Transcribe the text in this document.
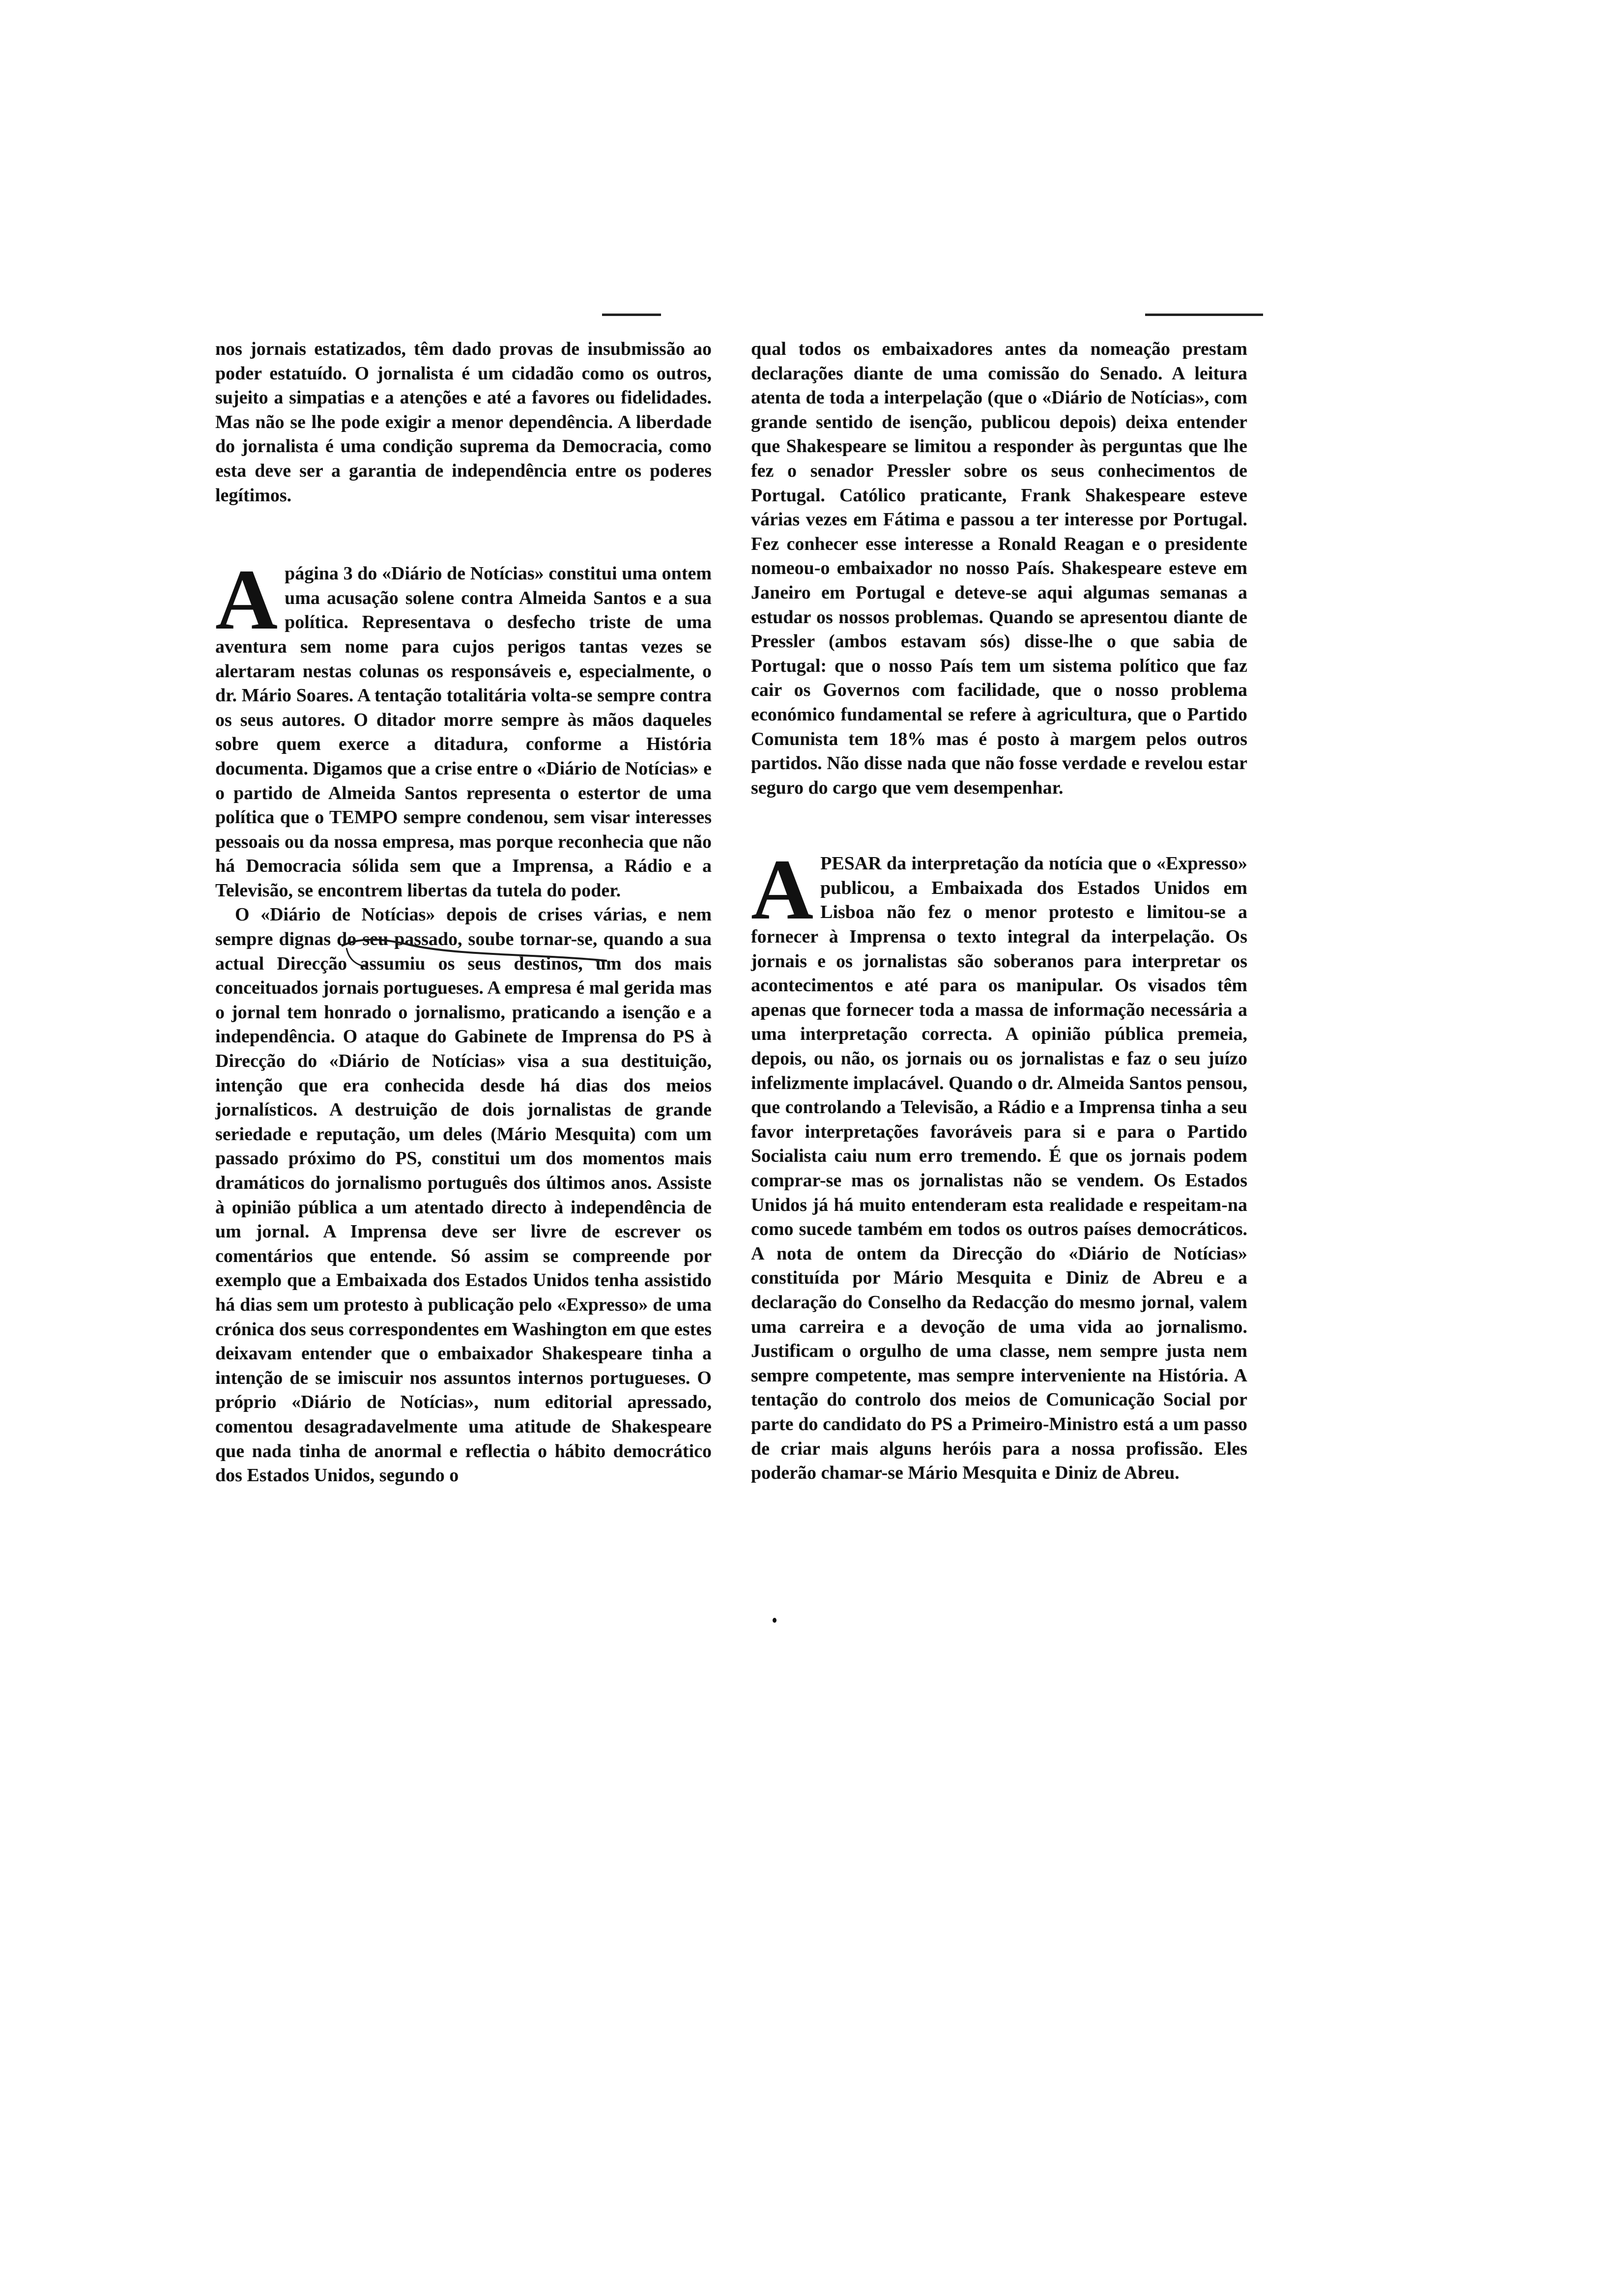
nos jornais estatizados, têm dado provas de insubmissão ao poder estatuído. O jornalista é um cidadão como os outros, sujeito a simpatias e a atenções e até a favores ou fidelidades. Mas não se lhe pode exigir a menor dependência. A liberdade do jornalista é uma condição suprema da Democracia, como esta deve ser a garantia de independência entre os poderes legítimos.

A página 3 do «Diário de Notícias» constitui uma ontem uma acusação solene contra Almeida Santos e a sua política. Representava o desfecho triste de uma aventura sem nome para cujos perigos tantas vezes se alertaram nestas colunas os responsáveis e, especialmente, o dr. Mário Soares. A tentação totalitária volta-se sempre contra os seus autores. O ditador morre sempre às mãos daqueles sobre quem exerce a ditadura, conforme a História documenta. Digamos que a crise entre o «Diário de Notícias» e o partido de Almeida Santos representa o estertor de uma política que o TEMPO sempre condenou, sem visar interesses pessoais ou da nossa empresa, mas porque reconhecia que não há Democracia sólida sem que a Imprensa, a Rádio e a Televisão, se encontrem libertas da tutela do poder.

O «Diário de Notícias» depois de crises várias, e nem sempre dignas do seu passado, soube tornar-se, quando a sua actual Direcção assumiu os seus destinos, um dos mais conceituados jornais portugueses. A empresa é mal gerida mas o jornal tem honrado o jornalismo, praticando a isenção e a independência. O ataque do Gabinete de Imprensa do PS à Direcção do «Diário de Notícias» visa a sua destituição, intenção que era conhecida desde há dias dos meios jornalísticos. A destruição de dois jornalistas de grande seriedade e reputação, um deles (Mário Mesquita) com um passado próximo do PS, constitui um dos momentos mais dramáticos do jornalismo português dos últimos anos. Assiste à opinião pública a um atentado directo à independência de um jornal. A Imprensa deve ser livre de escrever os comentários que entende. Só assim se compreende por exemplo que a Embaixada dos Estados Unidos tenha assistido há dias sem um protesto à publicação pelo «Expresso» de uma crónica dos seus correspondentes em Washington em que estes deixavam entender que o embaixador Shakespeare tinha a intenção de se imiscuir nos assuntos internos portugueses. O próprio «Diário de Notícias», num editorial apressado, comentou desagradavelmente uma atitude de Shakespeare que nada tinha de anormal e reflectia o hábito democrático dos Estados Unidos, segundo o

qual todos os embaixadores antes da nomeação prestam declarações diante de uma comissão do Senado. A leitura atenta de toda a interpelação (que o «Diário de Notícias», com grande sentido de isenção, publicou depois) deixa entender que Shakespeare se limitou a responder às perguntas que lhe fez o senador Pressler sobre os seus conhecimentos de Portugal. Católico praticante, Frank Shakespeare esteve várias vezes em Fátima e passou a ter interesse por Portugal. Fez conhecer esse interesse a Ronald Reagan e o presidente nomeou-o embaixador no nosso País. Shakespeare esteve em Janeiro em Portugal e deteve-se aqui algumas semanas a estudar os nossos problemas. Quando se apresentou diante de Pressler (ambos estavam sós) disse-lhe o que sabia de Portugal: que o nosso País tem um sistema político que faz cair os Governos com facilidade, que o nosso problema económico fundamental se refere à agricultura, que o Partido Comunista tem 18% mas é posto à margem pelos outros partidos. Não disse nada que não fosse verdade e revelou estar seguro do cargo que vem desempenhar.

APESAR da interpretação da notícia que o «Expresso» publicou, a Embaixada dos Estados Unidos em Lisboa não fez o menor protesto e limitou-se a fornecer à Imprensa o texto integral da interpelação. Os jornais e os jornalistas são soberanos para interpretar os acontecimentos e até para os manipular. Os visados têm apenas que fornecer toda a massa de informação necessária a uma interpretação correcta. A opinião pública premeia, depois, ou não, os jornais ou os jornalistas e faz o seu juízo infelizmente implacável. Quando o dr. Almeida Santos pensou, que controlando a Televisão, a Rádio e a Imprensa tinha a seu favor interpretações favoráveis para si e para o Partido Socialista caiu num erro tremendo. É que os jornais podem comprar-se mas os jornalistas não se vendem. Os Estados Unidos já há muito entenderam esta realidade e respeitam-na como sucede também em todos os outros países democráticos. A nota de ontem da Direcção do «Diário de Notícias» constituída por Mário Mesquita e Diniz de Abreu e a declaração do Conselho da Redacção do mesmo jornal, valem uma carreira e a devoção de uma vida ao jornalismo. Justificam o orgulho de uma classe, nem sempre justa nem sempre competente, mas sempre interveniente na História. A tentação do controlo dos meios de Comunicação Social por parte do candidato do PS a Primeiro-Ministro está a um passo de criar mais alguns heróis para a nossa profissão. Eles poderão chamar-se Mário Mesquita e Diniz de Abreu.
